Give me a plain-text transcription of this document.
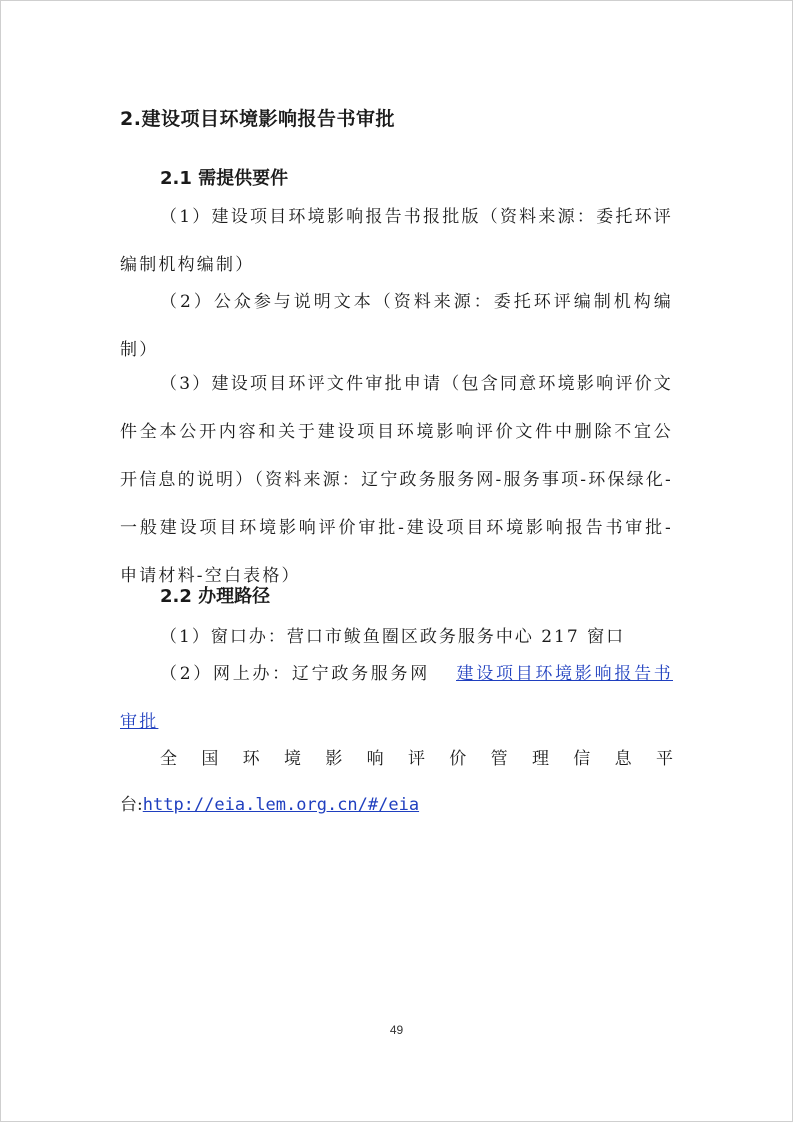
2.建设项目环境影响报告书审批
2.1 需提供要件
（1）建设项目环境影响报告书报批版（资料来源：委托环评编制机构编制）
（2）公众参与说明文本（资料来源：委托环评编制机构编制）
（3）建设项目环评文件审批申请（包含同意环境影响评价文件全本公开内容和关于建设项目环境影响评价文件中删除不宜公开信息的说明）（资料来源：辽宁政务服务网-服务事项-环保绿化-一般建设项目环境影响评价审批-建设项目环境影响报告书审批-申请材料-空白表格）
2.2 办理路径
（1）窗口办：营口市鲅鱼圈区政务服务中心 217 窗口
（2）网上办：辽宁政务服务网 建设项目环境影响报告书审批
全 国 环 境 影 响 评 价 管 理 信 息 平
台:http://eia.lem.org.cn/#/eia
49
